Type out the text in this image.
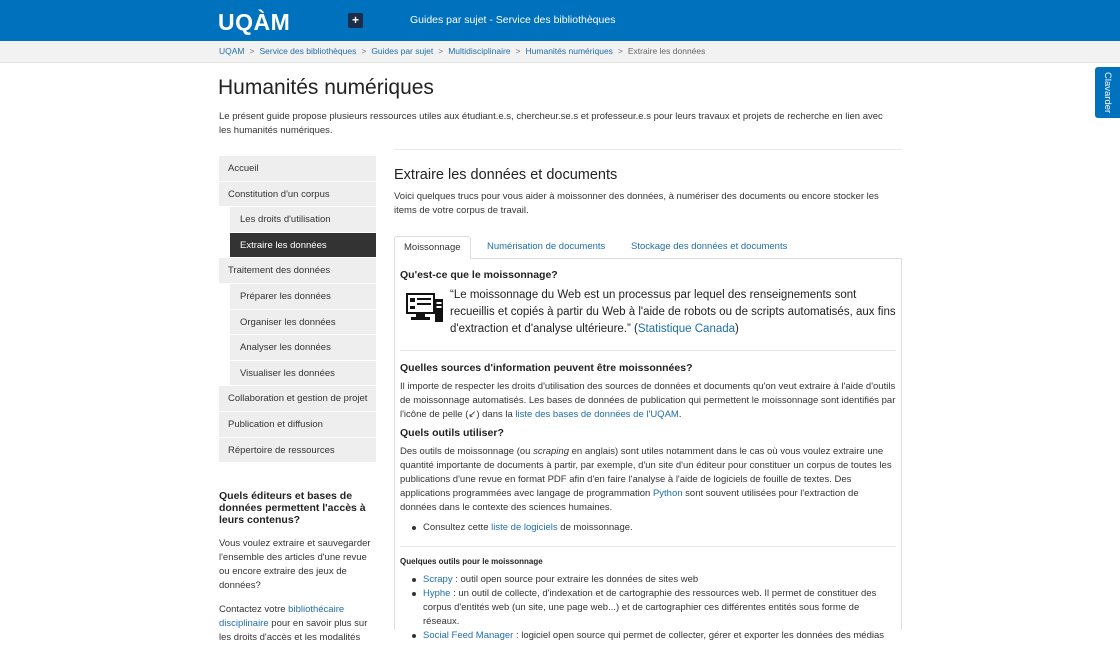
UQÀM	+	Guides par sujet - Service des bibliothèques
UQAM > Service des bibliothèques > Guides par sujet > Multidisciplinaire > Humanités numériques > Extraire les données
Clavarder
Humanités numériques

Le présent guide propose plusieurs ressources utiles aux étudiant.e.s, chercheur.se.s et professeur.e.s pour leurs travaux et projets de recherche en lien avec les humanités numériques.

Accueil
Constitution d'un corpus
Les droits d'utilisation
Extraire les données
Traitement des données
Préparer les données
Organiser les données
Analyser les données
Visualiser les données
Collaboration et gestion de projet
Publication et diffusion
Répertoire de ressources
Quels éditeurs et bases de données permettent l'accès à leurs contenus?

Vous voulez extraire et sauvegarder l'ensemble des articles d'une revue ou encore extraire des jeux de données?

Contactez votre bibliothécaire disciplinaire pour en savoir plus sur les droits d'accès et les modalités

Extraire les données et documents

Voici quelques trucs pour vous aider à moissonner des données, à numériser des documents ou encore stocker les items de votre corpus de travail.

Moissonnage	Numérisation de documents	Stockage des données et documents
Qu'est-ce que le moissonnage?

“Le moissonnage du Web est un processus par lequel des renseignements sont recueillis et copiés à partir du Web à l'aide de robots ou de scripts automatisés, aux fins d'extraction et d'analyse ultérieure.” (Statistique Canada)

Quelles sources d'information peuvent être moissonnées?

Il importe de respecter les droits d'utilisation des sources de données et documents qu'on veut extraire à l'aide d'outils de moissonnage automatisés. Les bases de données de publication qui permettent le moissonnage sont identifiés par l'icône de pelle (↙) dans la liste des bases de données de l'UQAM.

Quels outils utiliser?

Des outils de moissonnage (ou scraping en anglais) sont utiles notamment dans le cas où vous voulez extraire une quantité importante de documents à partir, par exemple, d'un site d'un éditeur pour constituer un corpus de toutes les publications d'une revue en format PDF afin d'en faire l'analyse à l'aide de logiciels de fouille de textes. Des applications programmées avec langage de programmation Python sont souvent utilisées pour l'extraction de données dans le contexte des sciences humaines.

Consultez cette liste de logiciels de moissonnage.
Quelques outils pour le moissonnage
Scrapy : outil open source pour extraire les données de sites web
Hyphe : un outil de collecte, d'indexation et de cartographie des ressources web. Il permet de constituer des corpus d'entités web (un site, une page web...) et de cartographier ces différentes entités sous forme de réseaux.
Social Feed Manager : logiciel open source qui permet de collecter, gérer et exporter les données des médias
